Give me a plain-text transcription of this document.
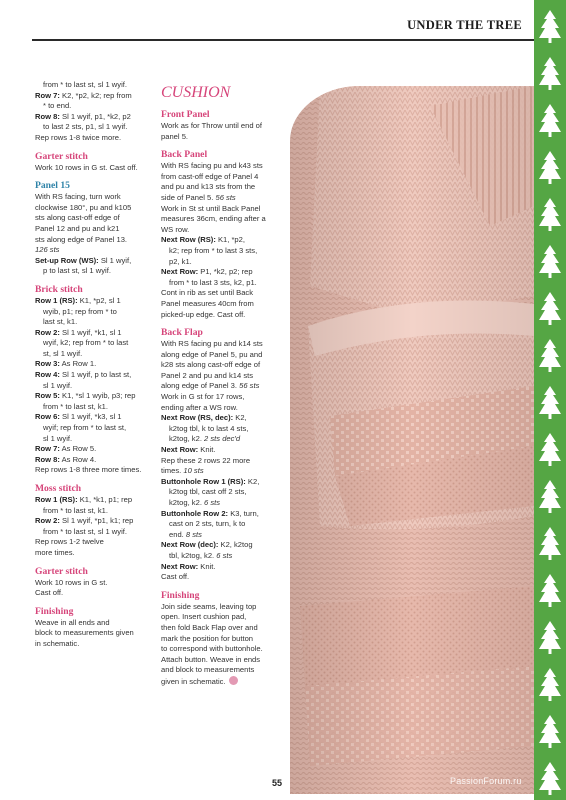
UNDER THE TREE
from * to last st, sl 1 wyif.
Row 7: K2, *p2, k2; rep from
* to end.
Row 8: Sl 1 wyif, p1, *k2, p2
to last 2 sts, p1, sl 1 wyif.
Rep rows 1-8 twice more.
Garter stitch
Work 10 rows in G st. Cast off.
Panel 15
With RS facing, turn work
clockwise 180°, pu and k105
sts along cast-off edge of
Panel 12 and pu and k21
sts along edge of Panel 13.
126 sts
Set-up Row (WS): Sl 1 wyif,
p to last st, sl 1 wyif.
Brick stitch
Row 1 (RS): K1, *p2, sl 1
wyib, p1; rep from * to
last st, k1.
Row 2: Sl 1 wyif, *k1, sl 1
wyif, k2; rep from * to last
st, sl 1 wyif.
Row 3: As Row 1.
Row 4: Sl 1 wyif, p to last st,
sl 1 wyif.
Row 5: K1, *sl 1 wyib, p3; rep
from * to last st, k1.
Row 6: Sl 1 wyif, *k3, sl 1
wyif; rep from * to last st,
sl 1 wyif.
Row 7: As Row 5.
Row 8: As Row 4.
Rep rows 1-8 three more times.
Moss stitch
Row 1 (RS): K1, *k1, p1; rep
from * to last st, k1.
Row 2: Sl 1 wyif, *p1, k1; rep
from * to last st, sl 1 wyif.
Rep rows 1-2 twelve
more times.
Garter stitch
Work 10 rows in G st.
Cast off.
Finishing
Weave in all ends and
block to measurements given
in schematic.
CUSHION
Front Panel
Work as for Throw until end of
panel 5.
Back Panel
With RS facing pu and k43 sts
from cast-off edge of Panel 4
and pu and k13 sts from the
side of Panel 5. 56 sts
Work in St st until Back Panel
measures 36cm, ending after a
WS row.
Next Row (RS): K1, *p2,
k2; rep from * to last 3 sts,
p2, k1.
Next Row: P1, *k2, p2; rep
from * to last 3 sts, k2, p1.
Cont in rib as set until Back
Panel measures 40cm from
picked-up edge. Cast off.
Back Flap
With RS facing pu and k14 sts
along edge of Panel 5, pu and
k28 sts along cast-off edge of
Panel 2 and pu and k14 sts
along edge of Panel 3. 56 sts
Work in G st for 17 rows,
ending after a WS row.
Next Row (RS, dec): K2,
k2tog tbl, k to last 4 sts,
k2tog, k2. 2 sts dec'd
Next Row: Knit.
Rep these 2 rows 22 more
times. 10 sts
Buttonhole Row 1 (RS): K2,
k2tog tbl, cast off 2 sts,
k2tog, k2. 6 sts
Buttonhole Row 2: K3, turn,
cast on 2 sts, turn, k to
end. 8 sts
Next Row (dec): K2, k2tog
tbl, k2tog, k2. 6 sts
Next Row: Knit.
Cast off.
Finishing
Join side seams, leaving top
open. Insert cushion pad,
then fold Back Flap over and
mark the position for button
to correspond with buttonhole.
Attach button. Weave in ends
and block to measurements
given in schematic.
55	PassionForum.ru
